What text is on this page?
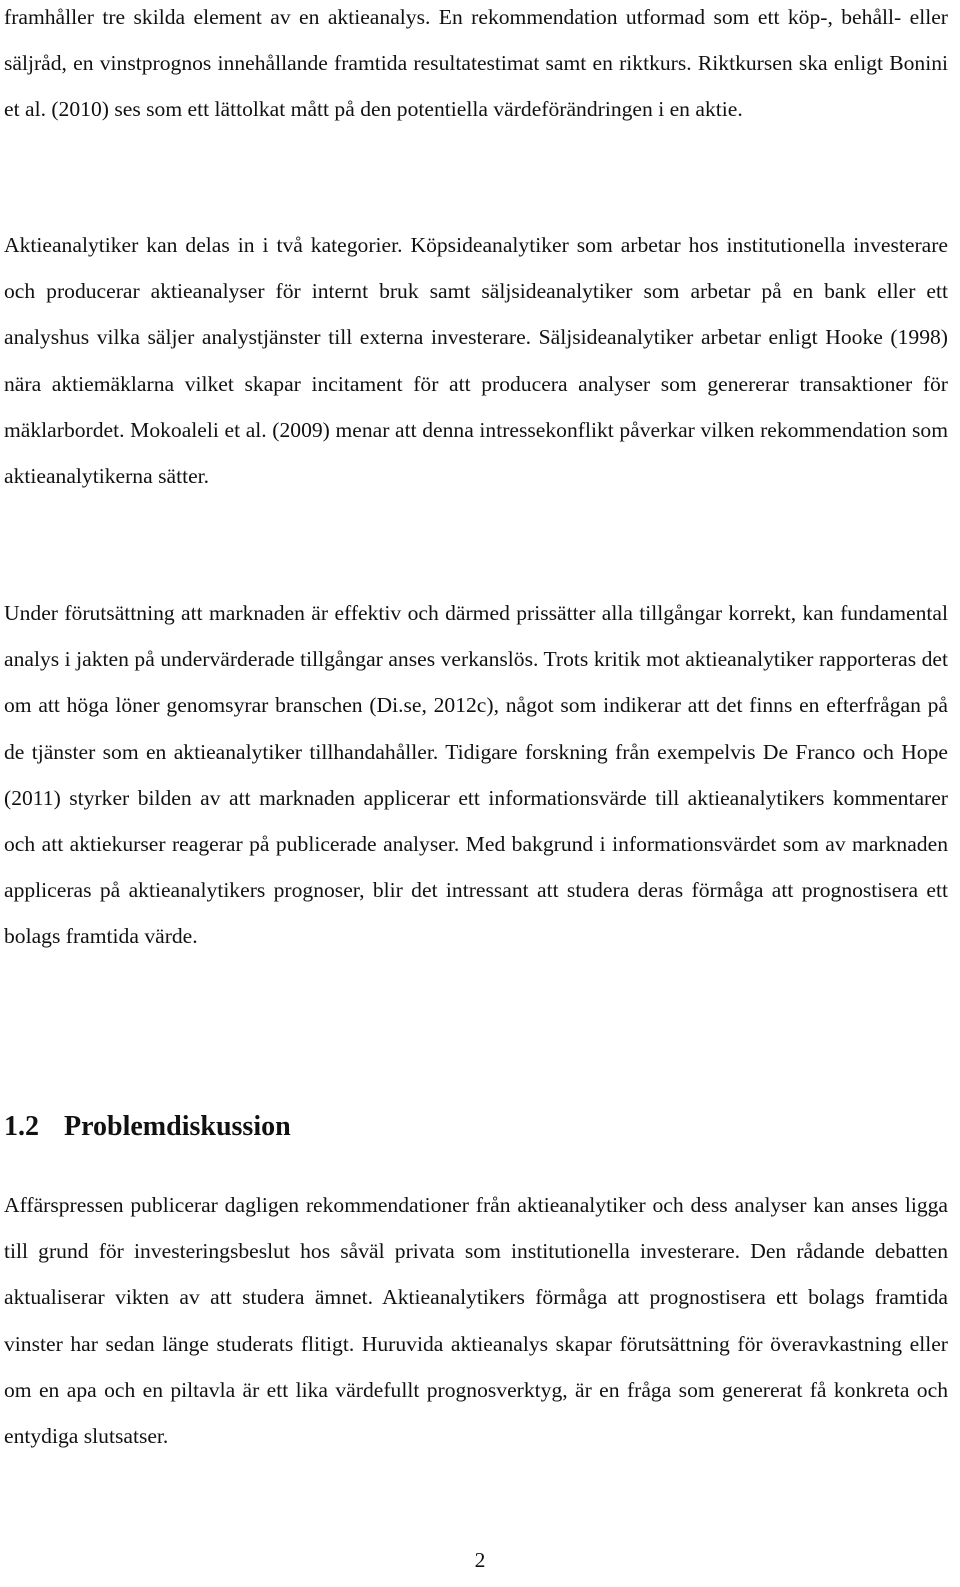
framhåller tre skilda element av en aktieanalys. En rekommendation utformad som ett köp-, behåll- eller säljråd, en vinstprognos innehållande framtida resultatestimat samt en riktkurs. Riktkursen ska enligt Bonini et al. (2010) ses som ett lättolkat mått på den potentiella värdeförändringen i en aktie.

Aktieanalytiker kan delas in i två kategorier. Köpsideanalytiker som arbetar hos institutionella investerare och producerar aktieanalyser för internt bruk samt säljsideanalytiker som arbetar på en bank eller ett analyshus vilka säljer analystjänster till externa investerare. Säljsideanalytiker arbetar enligt Hooke (1998) nära aktiemäklarna vilket skapar incitament för att producera analyser som genererar transaktioner för mäklarbordet. Mokoaleli et al. (2009) menar att denna intressekonflikt påverkar vilken rekommendation som aktieanalytikerna sätter.

Under förutsättning att marknaden är effektiv och därmed prissätter alla tillgångar korrekt, kan fundamental analys i jakten på undervärderade tillgångar anses verkanslös. Trots kritik mot aktieanalytiker rapporteras det om att höga löner genomsyrar branschen (Di.se, 2012c), något som indikerar att det finns en efterfrågan på de tjänster som en aktieanalytiker tillhandahåller. Tidigare forskning från exempelvis De Franco och Hope (2011) styrker bilden av att marknaden applicerar ett informationsvärde till aktieanalytikers kommentarer och att aktiekurser reagerar på publicerade analyser. Med bakgrund i informationsvärdet som av marknaden appliceras på aktieanalytikers prognoser, blir det intressant att studera deras förmåga att prognostisera ett bolags framtida värde.

1.2 Problemdiskussion

Affärspressen publicerar dagligen rekommendationer från aktieanalytiker och dess analyser kan anses ligga till grund för investeringsbeslut hos såväl privata som institutionella investerare. Den rådande debatten aktualiserar vikten av att studera ämnet. Aktieanalytikers förmåga att prognostisera ett bolags framtida vinster har sedan länge studerats flitigt. Huruvida aktieanalys skapar förutsättning för överavkastning eller om en apa och en piltavla är ett lika värdefullt prognosverktyg, är en fråga som genererat få konkreta och entydiga slutsatser.

2
